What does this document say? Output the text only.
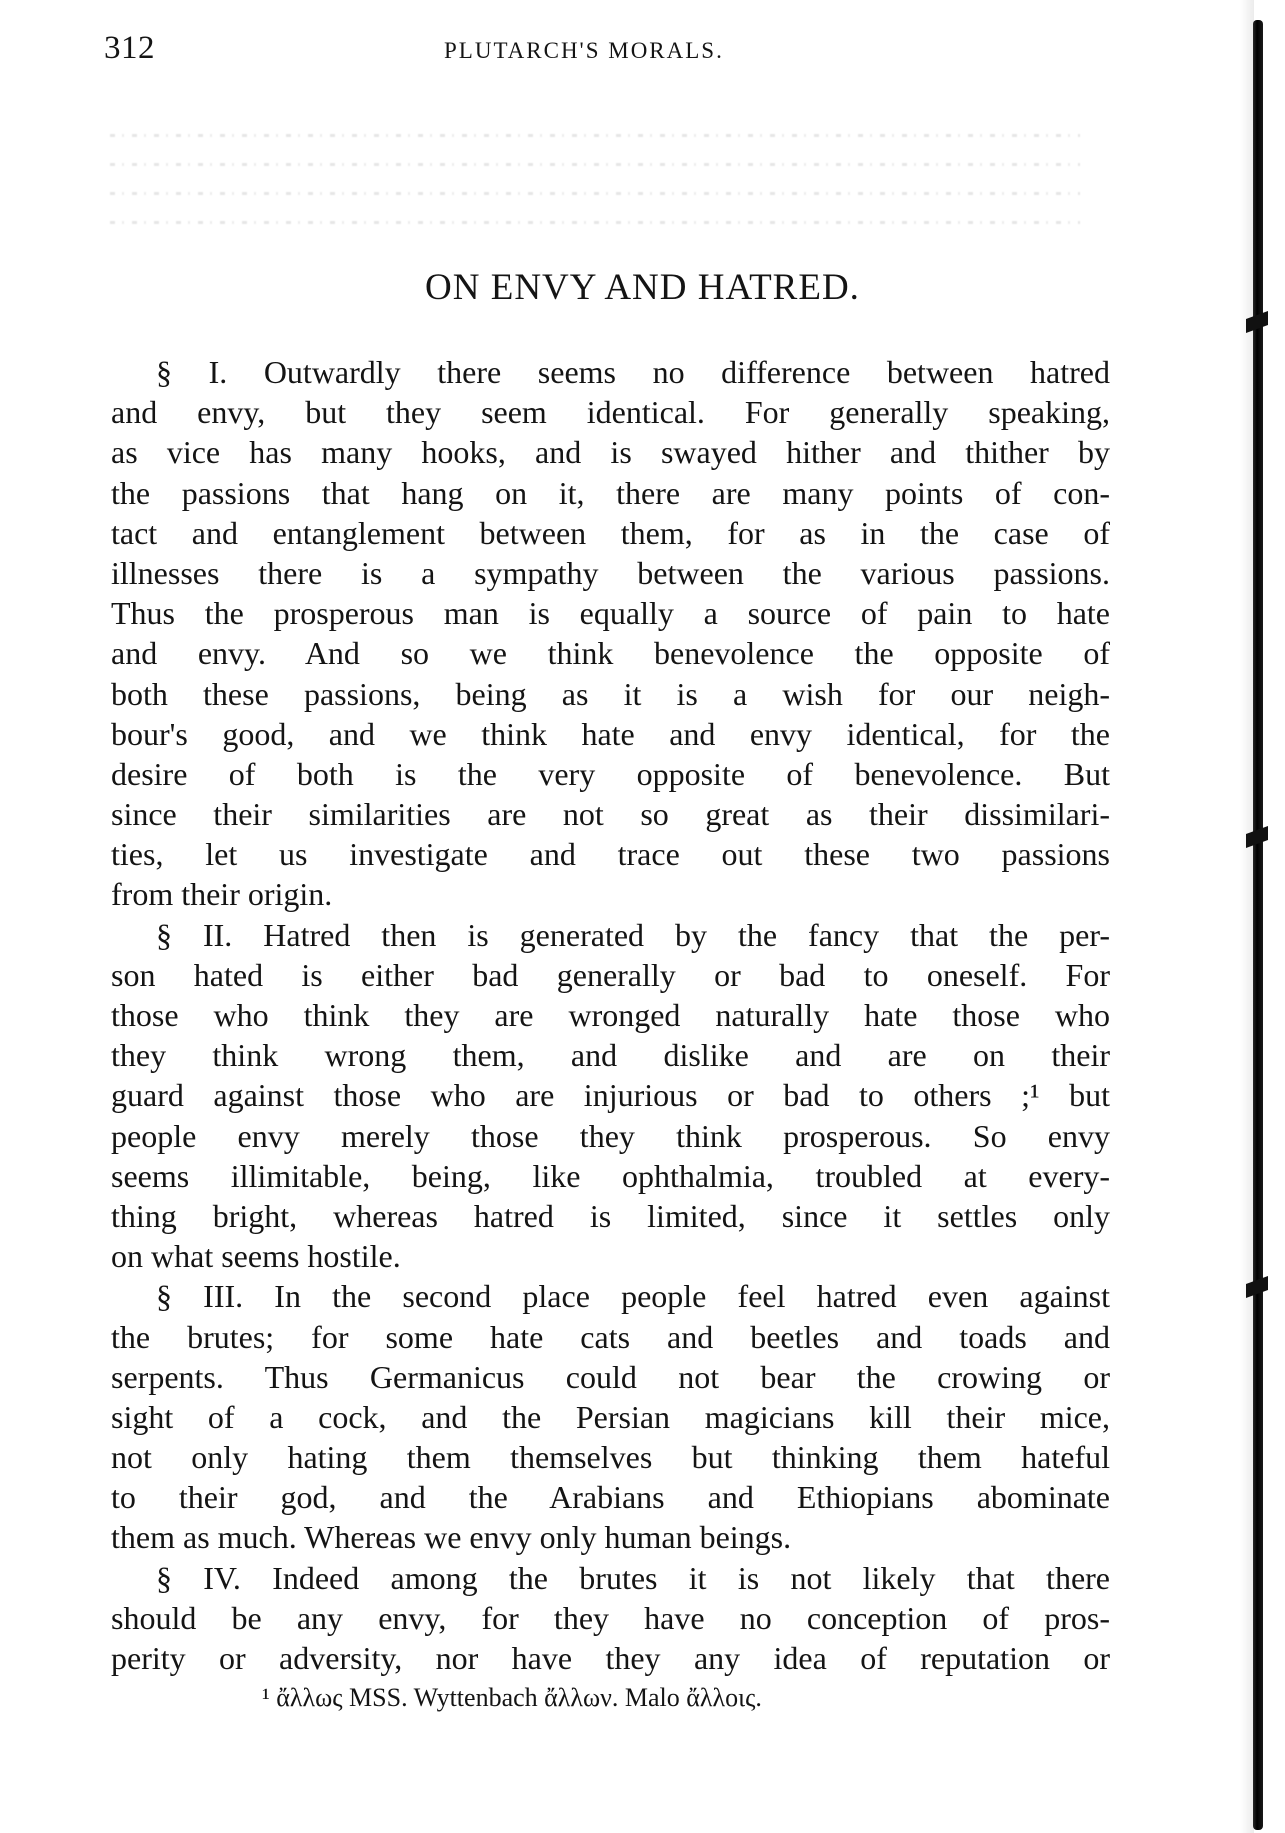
312	PLUTARCH'S MORALS.
ON ENVY AND HATRED.
§ I. Outwardly there seems no difference between hatred
and envy, but they seem identical. For generally speaking,
as vice has many hooks, and is swayed hither and thither by
the passions that hang on it, there are many points of con-
tact and entanglement between them, for as in the case of
illnesses there is a sympathy between the various passions.
Thus the prosperous man is equally a source of pain to hate
and envy. And so we think benevolence the opposite of
both these passions, being as it is a wish for our neigh-
bour's good, and we think hate and envy identical, for the
desire of both is the very opposite of benevolence. But
since their similarities are not so great as their dissimilari-
ties, let us investigate and trace out these two passions
from their origin.
§ II. Hatred then is generated by the fancy that the per-
son hated is either bad generally or bad to oneself. For
those who think they are wronged naturally hate those who
they think wrong them, and dislike and are on their
guard against those who are injurious or bad to others ;¹ but
people envy merely those they think prosperous. So envy
seems illimitable, being, like ophthalmia, troubled at every-
thing bright, whereas hatred is limited, since it settles only
on what seems hostile.
§ III. In the second place people feel hatred even against
the brutes; for some hate cats and beetles and toads and
serpents. Thus Germanicus could not bear the crowing or
sight of a cock, and the Persian magicians kill their mice,
not only hating them themselves but thinking them hateful
to their god, and the Arabians and Ethiopians abominate
them as much. Whereas we envy only human beings.
§ IV. Indeed among the brutes it is not likely that there
should be any envy, for they have no conception of pros-
perity or adversity, nor have they any idea of reputation or
¹ ἄλλως MSS. Wyttenbach ἄλλων. Malo ἄλλοις.
